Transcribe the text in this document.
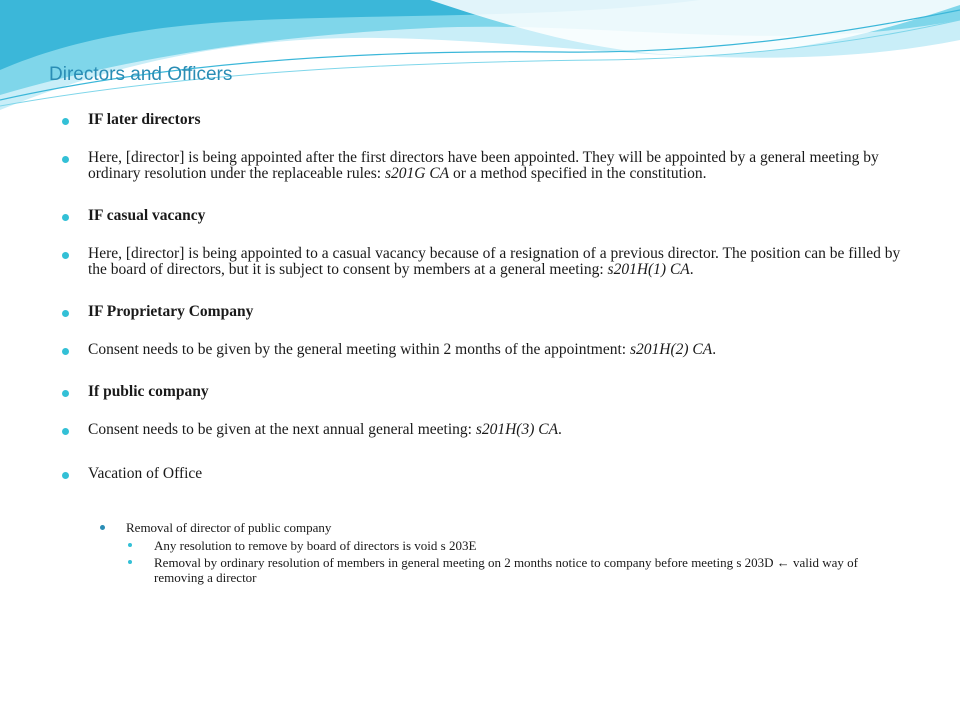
Directors and Officers
IF later directors
Here, [director] is being appointed after the first directors have been appointed. They will be appointed by a general meeting by ordinary resolution under the replaceable rules: s201G CA or a method specified in the constitution.
IF casual vacancy
Here, [director] is being appointed to a casual vacancy because of a resignation of a previous director. The position can be filled by the board of directors, but it is subject to consent by members at a general meeting: s201H(1) CA.
IF Proprietary Company
Consent needs to be given by the general meeting within 2 months of the appointment: s201H(2) CA.
If public company
Consent needs to be given at the next annual general meeting: s201H(3) CA.
Vacation of Office
Removal of director of public company
Any resolution to remove by board of directors is void s 203E
Removal by ordinary resolution of members in general meeting on 2 months notice to company before meeting s 203D ← valid way of removing a director
